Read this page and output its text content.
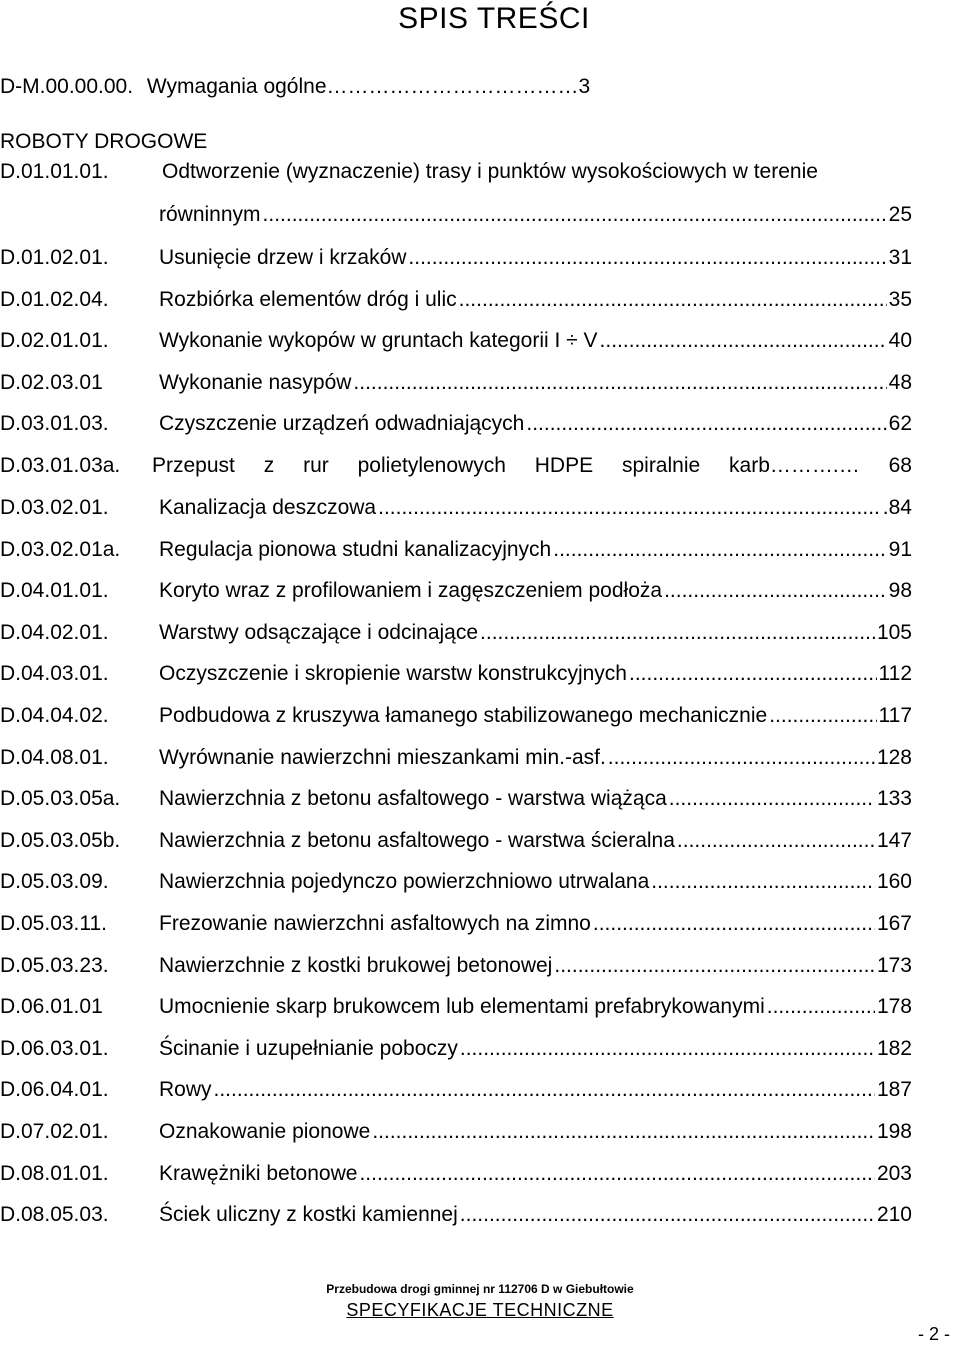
SPIS TREŚCI
D-M.00.00.00. Wymagania ogólne………………………………3
ROBOTY DROGOWE
D.01.01.01.	Odtworzenie (wyznaczenie) trasy i punktów wysokościowych w terenie
równinnym .....	25
D.01.02.01. Usunięcie drzew i krzaków .....	31
D.01.02.04. Rozbiórka elementów dróg i ulic .....	35
D.02.01.01. Wykonanie wykopów w gruntach kategorii I ÷ V .....	40
D.02.03.01	Wykonanie nasypów .....	48
D.03.01.03. Czyszczenie urządzeń odwadniających .....	62
D.03.01.03a. Przepust z rur polietylenowych HDPE spiralnie karb……….… 68
D.03.02.01. Kanalizacja deszczowa .....	.84
D.03.02.01a. Regulacja pionowa studni kanalizacyjnych .....	91
D.04.01.01. Koryto wraz z profilowaniem i zagęszczeniem podłoża .....	98
D.04.02.01. Warstwy odsączające i odcinające .....	105
D.04.03.01. Oczyszczenie i skropienie warstw konstrukcyjnych .....	112
D.04.04.02. Podbudowa z kruszywa łamanego stabilizowanego mechanicznie .....	117
D.04.08.01. Wyrównanie nawierzchni mieszankami min.-asf. .....	128
D.05.03.05a. Nawierzchnia z betonu asfaltowego - warstwa wiążąca .....	133
D.05.03.05b. Nawierzchnia z betonu asfaltowego - warstwa ścieralna .....	147
D.05.03.09. Nawierzchnia pojedynczo powierzchniowo utrwalana .....	160
D.05.03.11. Frezowanie nawierzchni asfaltowych na zimno .....	167
D.05.03.23. Nawierzchnie z kostki brukowej betonowej .....	173
D.06.01.01	Umocnienie skarp brukowcem lub elementami prefabrykowanymi .....	178
D.06.03.01. Ścinanie i uzupełnianie poboczy .....	182
D.06.04.01. Rowy .....	187
D.07.02.01. Oznakowanie pionowe .....	198
D.08.01.01. Krawężniki betonowe .....	203
D.08.05.03. Ściek uliczny z kostki kamiennej .....	210
Przebudowa drogi gminnej nr 112706 D w Giebułtowie
SPECYFIKACJE TECHNICZNE
- 2 -
